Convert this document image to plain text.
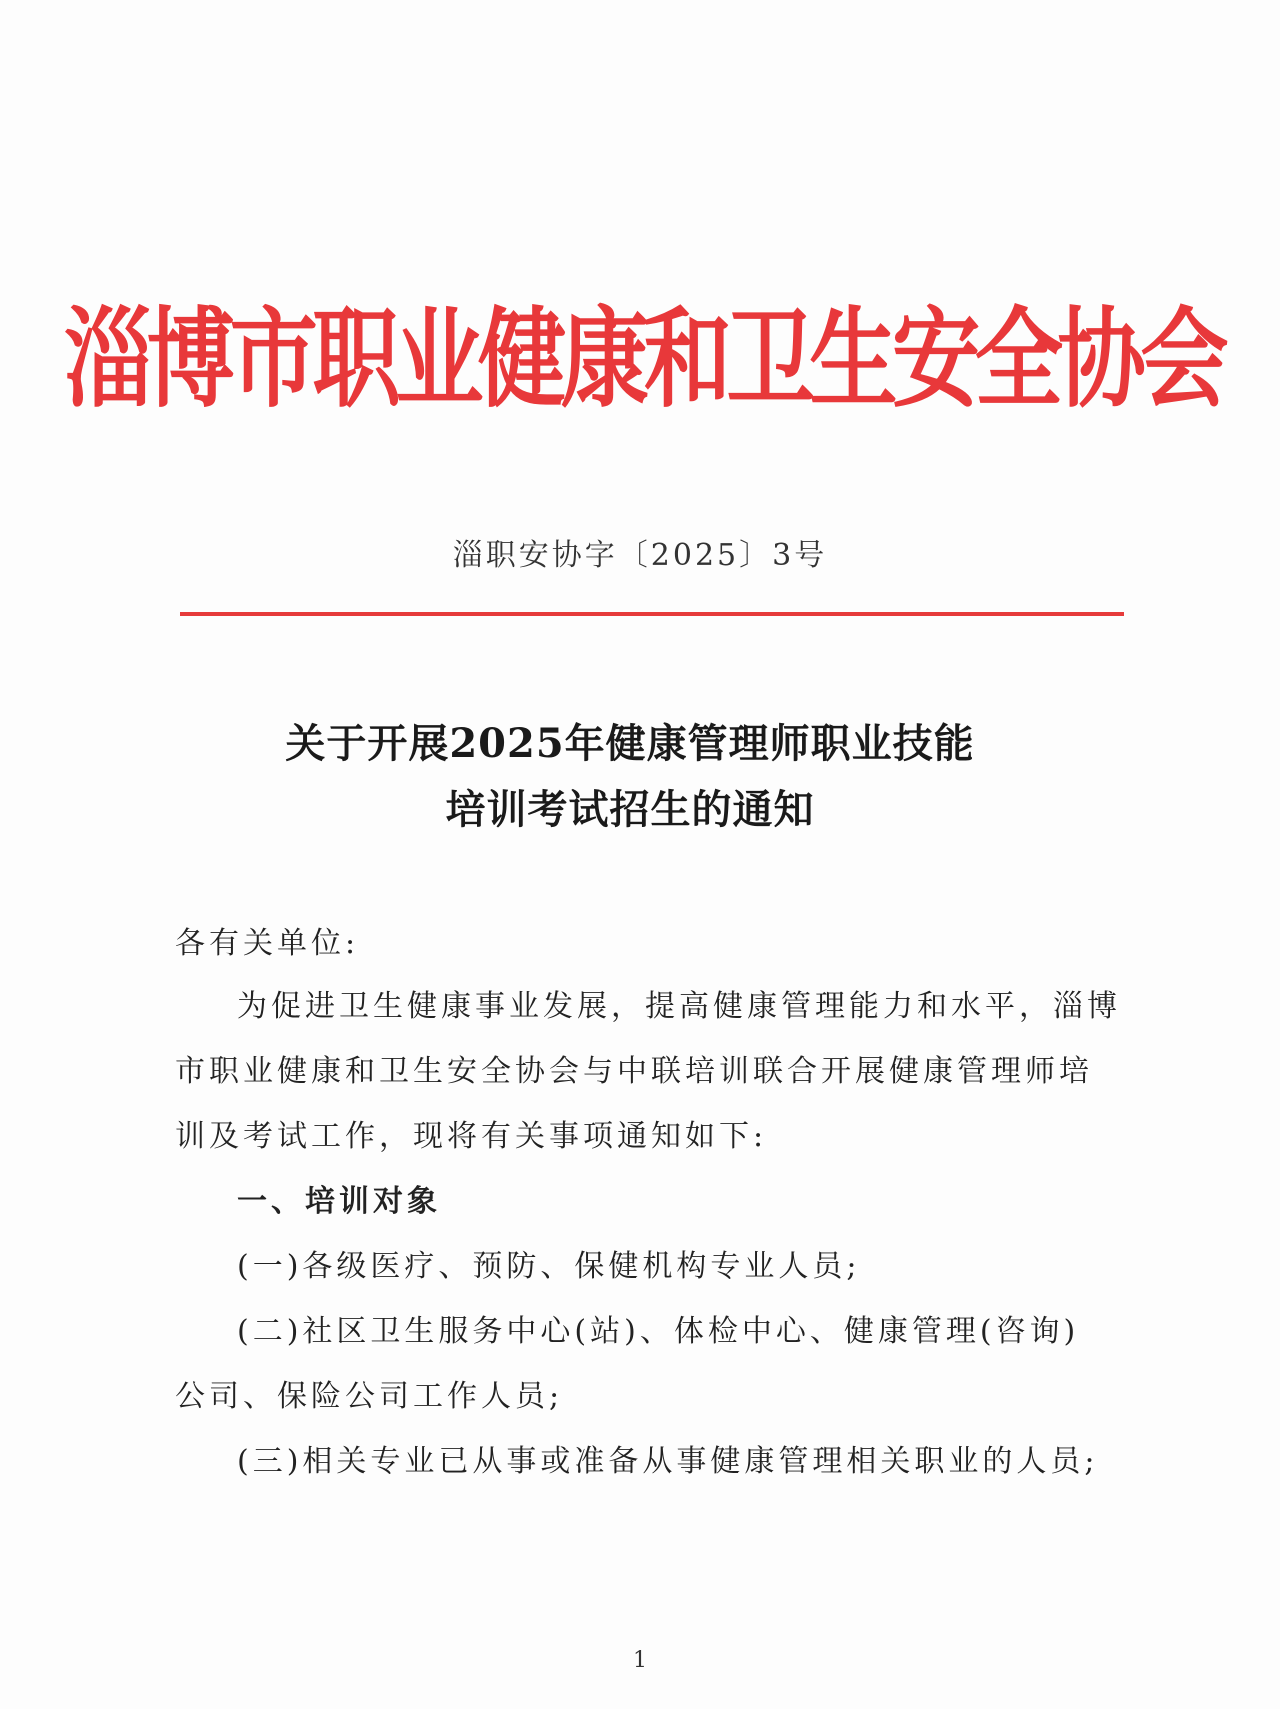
淄博市职业健康和卫生安全协会
淄职安协字〔2025〕3号
关于开展2025年健康管理师职业技能
培训考试招生的通知
各有关单位:
为促进卫生健康事业发展，提高健康管理能力和水平，淄博
市职业健康和卫生安全协会与中联培训联合开展健康管理师培
训及考试工作，现将有关事项通知如下:
一、培训对象
(一)各级医疗、预防、保健机构专业人员;
(二)社区卫生服务中心(站)、体检中心、健康管理(咨询)
公司、保险公司工作人员;
(三)相关专业已从事或准备从事健康管理相关职业的人员;
1
